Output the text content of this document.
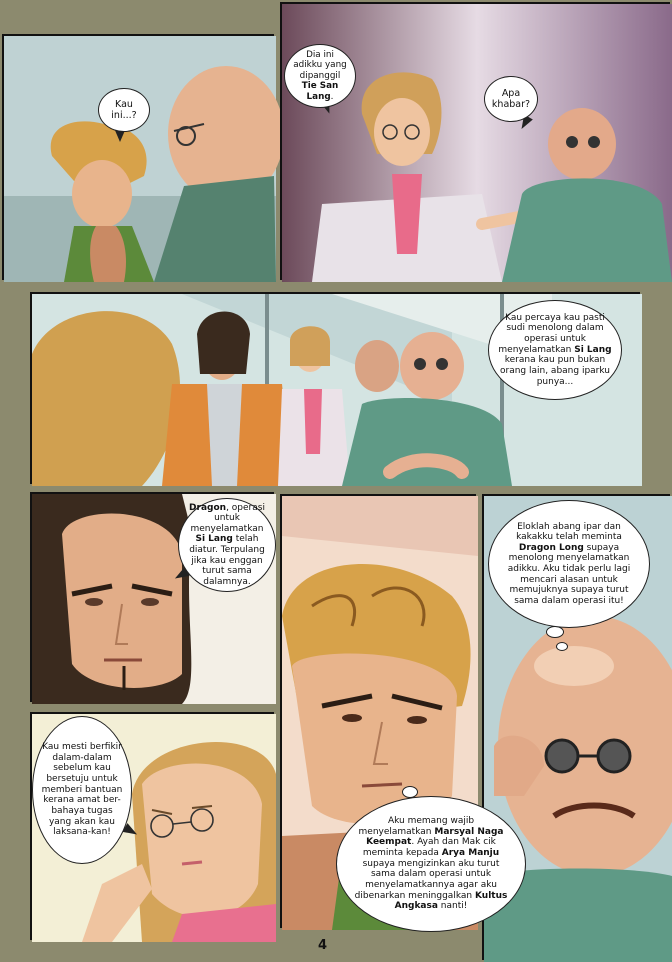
Kau ini...?
Dia ini adikku yang dipanggil Tie San Lang.	Apa khabar?
Kau percaya kau pasti sudi menolong dalam operasi untuk menyelamatkan Si Lang kerana kau pun bukan orang lain, abang iparku punya...
Dragon, operasi untuk menyelamatkan Si Lang telah diatur. Terpulang jika kau enggan turut sama dalamnya.
Aku memang wajib menyelamatkan Marsyal Naga Keempat. Ayah dan Mak cik meminta kepada Arya Manju supaya mengizinkan aku turut sama dalam operasi untuk menyelamatkannya agar aku dibenarkan meninggalkan Kultus Angkasa nanti!
Eloklah abang ipar dan kakakku telah meminta Dragon Long supaya menolong menyelamatkan adikku. Aku tidak perlu lagi mencari alasan untuk memujuknya supaya turut sama dalam operasi itu!
Kau mesti berfikir dalam-dalam sebelum kau bersetuju untuk memberi bantuan kerana amat ber-bahaya tugas yang akan kau laksana-kan!
4
